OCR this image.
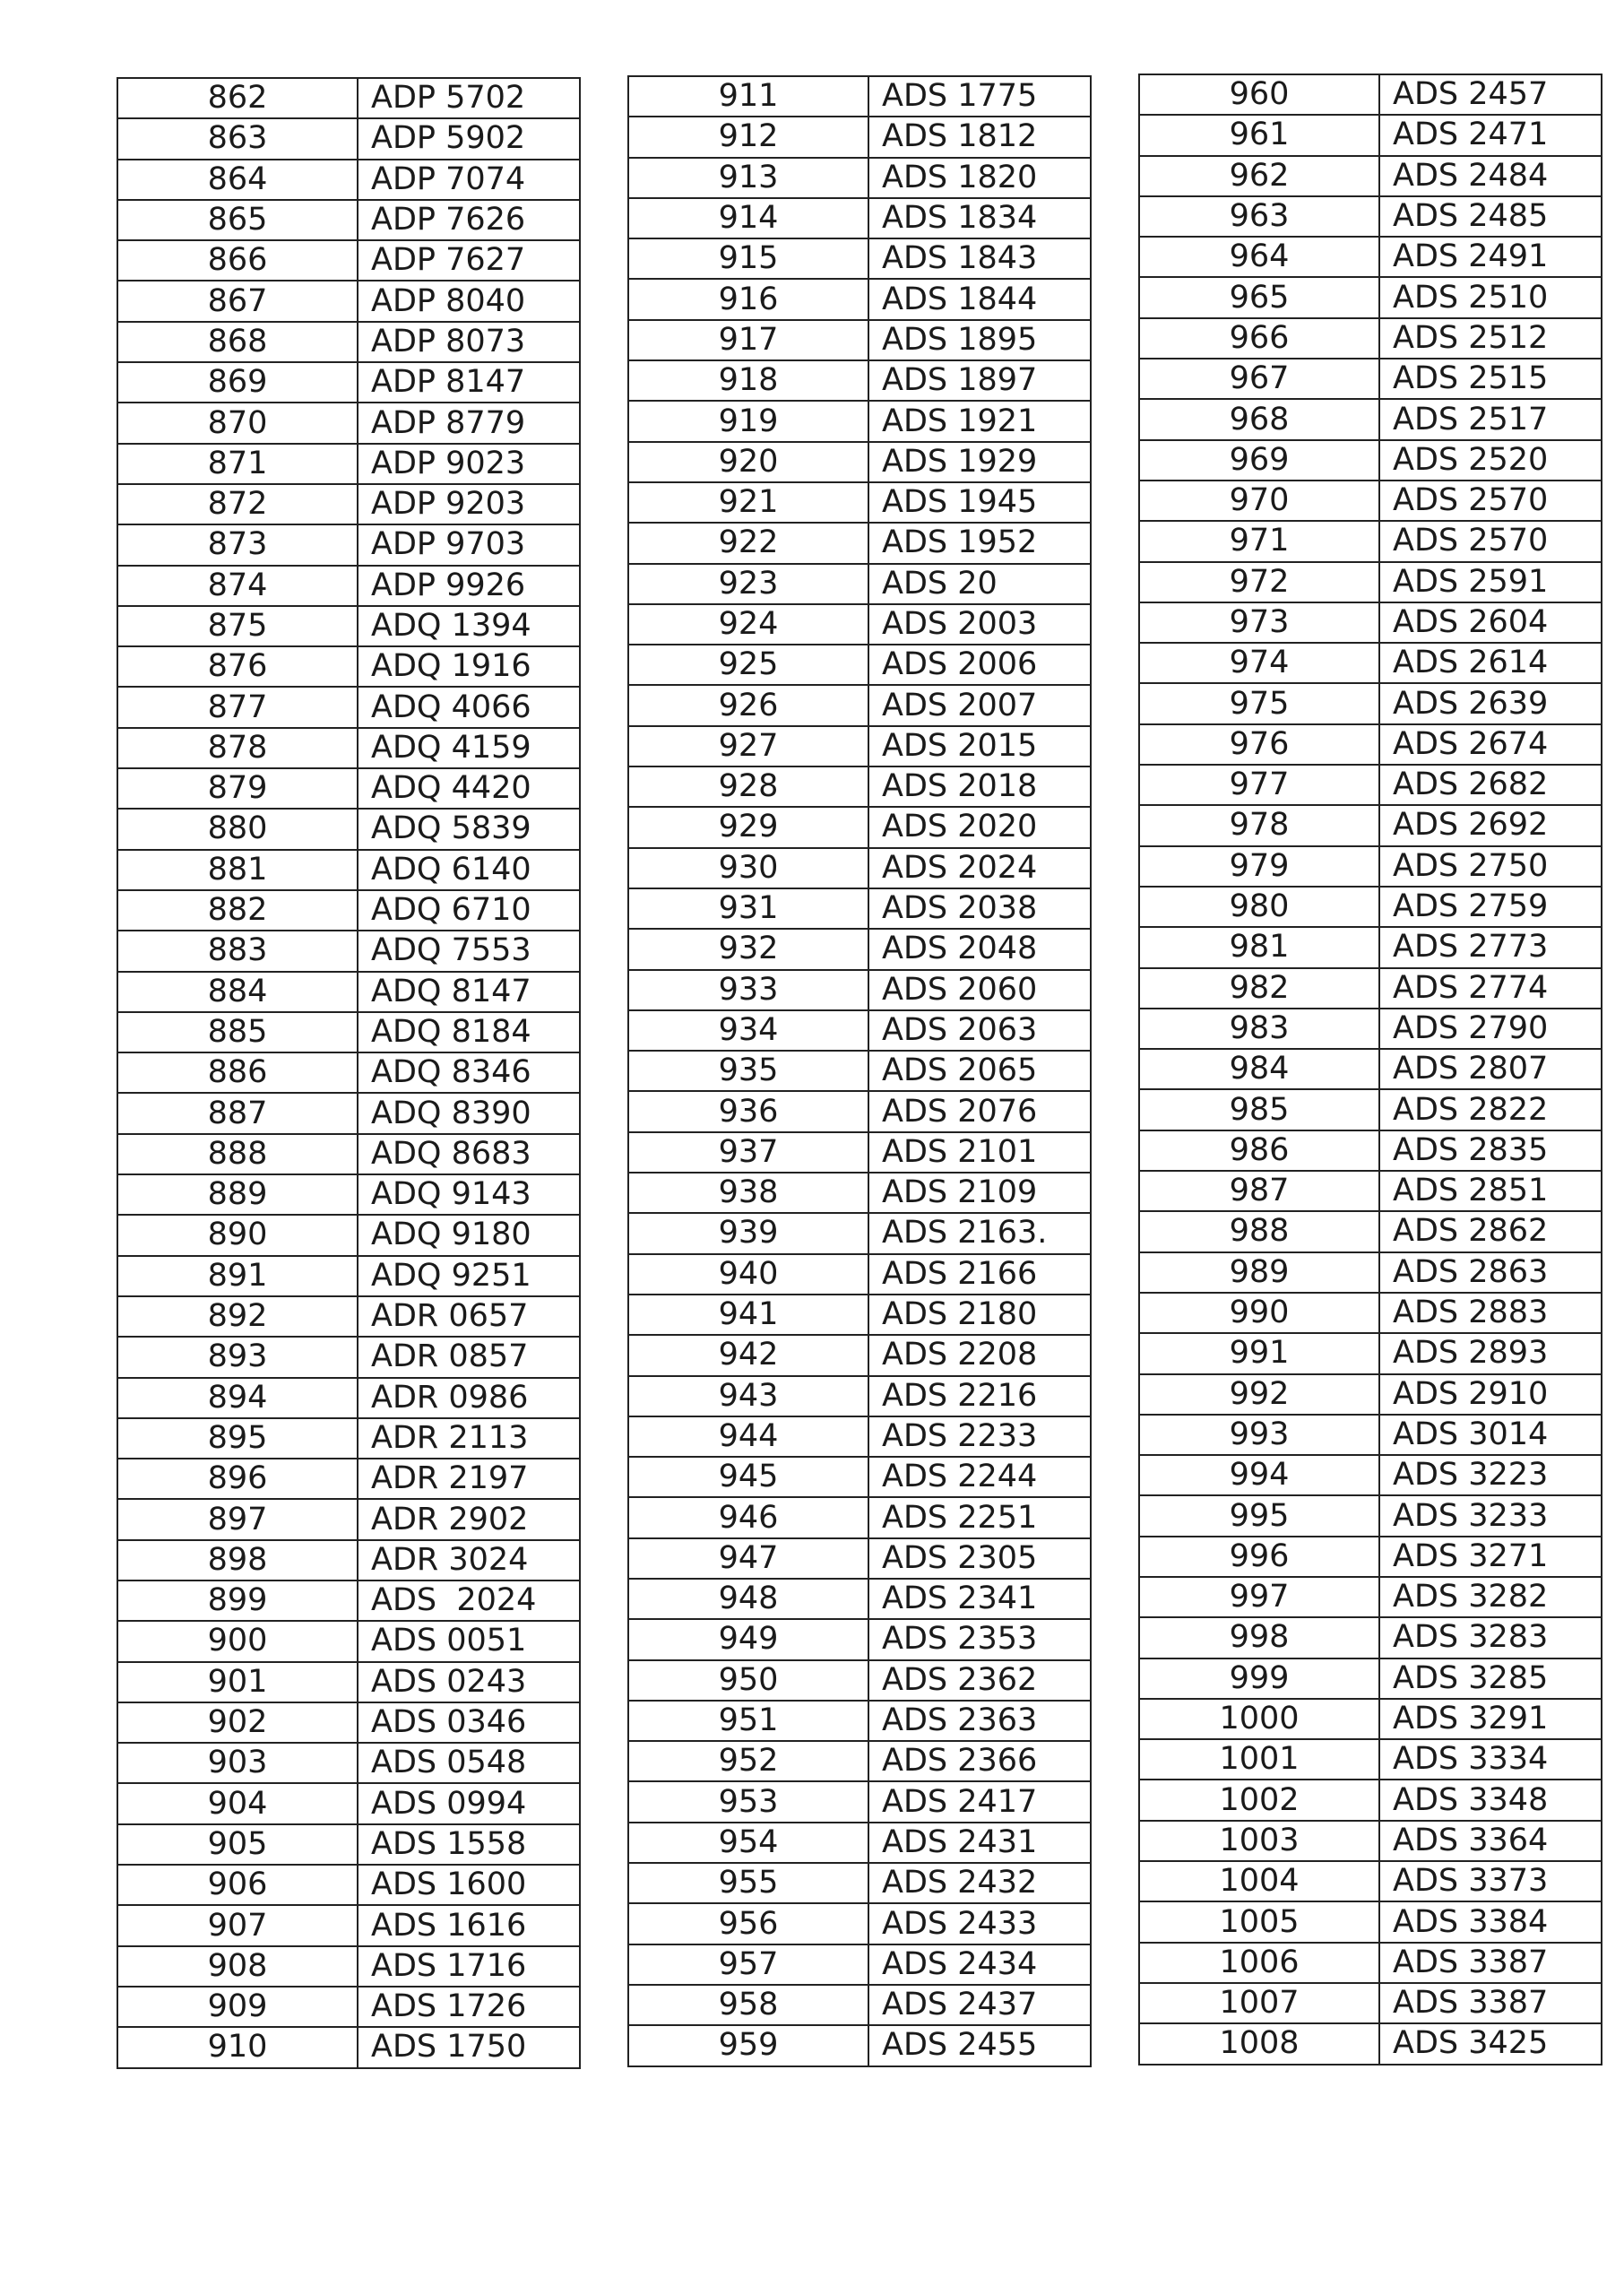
862	ADP 5702
863	ADP 5902
864	ADP 7074
865	ADP 7626
866	ADP 7627
867	ADP 8040
868	ADP 8073
869	ADP 8147
870	ADP 8779
871	ADP 9023
872	ADP 9203
873	ADP 9703
874	ADP 9926
875	ADQ 1394
876	ADQ 1916
877	ADQ 4066
878	ADQ 4159
879	ADQ 4420
880	ADQ 5839
881	ADQ 6140
882	ADQ 6710
883	ADQ 7553
884	ADQ 8147
885	ADQ 8184
886	ADQ 8346
887	ADQ 8390
888	ADQ 8683
889	ADQ 9143
890	ADQ 9180
891	ADQ 9251
892	ADR 0657
893	ADR 0857
894	ADR 0986
895	ADR 2113
896	ADR 2197
897	ADR 2902
898	ADR 3024
899	ADS  2024
900	ADS 0051
901	ADS 0243
902	ADS 0346
903	ADS 0548
904	ADS 0994
905	ADS 1558
906	ADS 1600
907	ADS 1616
908	ADS 1716
909	ADS 1726
910	ADS 1750
911	ADS 1775
912	ADS 1812
913	ADS 1820
914	ADS 1834
915	ADS 1843
916	ADS 1844
917	ADS 1895
918	ADS 1897
919	ADS 1921
920	ADS 1929
921	ADS 1945
922	ADS 1952
923	ADS 20
924	ADS 2003
925	ADS 2006
926	ADS 2007
927	ADS 2015
928	ADS 2018
929	ADS 2020
930	ADS 2024
931	ADS 2038
932	ADS 2048
933	ADS 2060
934	ADS 2063
935	ADS 2065
936	ADS 2076
937	ADS 2101
938	ADS 2109
939	ADS 2163.
940	ADS 2166
941	ADS 2180
942	ADS 2208
943	ADS 2216
944	ADS 2233
945	ADS 2244
946	ADS 2251
947	ADS 2305
948	ADS 2341
949	ADS 2353
950	ADS 2362
951	ADS 2363
952	ADS 2366
953	ADS 2417
954	ADS 2431
955	ADS 2432
956	ADS 2433
957	ADS 2434
958	ADS 2437
959	ADS 2455
960	ADS 2457
961	ADS 2471
962	ADS 2484
963	ADS 2485
964	ADS 2491
965	ADS 2510
966	ADS 2512
967	ADS 2515
968	ADS 2517
969	ADS 2520
970	ADS 2570
971	ADS 2570
972	ADS 2591
973	ADS 2604
974	ADS 2614
975	ADS 2639
976	ADS 2674
977	ADS 2682
978	ADS 2692
979	ADS 2750
980	ADS 2759
981	ADS 2773
982	ADS 2774
983	ADS 2790
984	ADS 2807
985	ADS 2822
986	ADS 2835
987	ADS 2851
988	ADS 2862
989	ADS 2863
990	ADS 2883
991	ADS 2893
992	ADS 2910
993	ADS 3014
994	ADS 3223
995	ADS 3233
996	ADS 3271
997	ADS 3282
998	ADS 3283
999	ADS 3285
1000	ADS 3291
1001	ADS 3334
1002	ADS 3348
1003	ADS 3364
1004	ADS 3373
1005	ADS 3384
1006	ADS 3387
1007	ADS 3387
1008	ADS 3425
